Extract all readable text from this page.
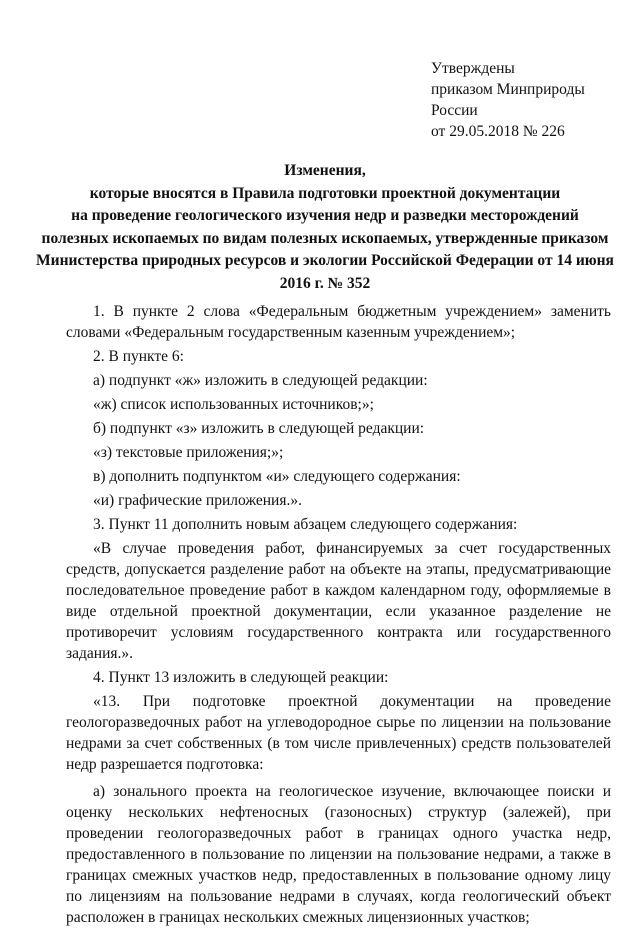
Утверждены
приказом Минприроды
России
от 29.05.2018 № 226
Изменения,
которые вносятся в Правила подготовки проектной документации
на проведение геологического изучения недр и разведки месторождений
полезных ископаемых по видам полезных ископаемых, утвержденные приказом
Министерства природных ресурсов и экологии Российской Федерации от 14 июня
2016 г. № 352
1. В пункте 2 слова «Федеральным бюджетным учреждением» заменить словами «Федеральным государственным казенным учреждением»;
2. В пункте 6:
а) подпункт «ж» изложить в следующей редакции:
«ж) список использованных источников;»;
б) подпункт «з» изложить в следующей редакции:
«з) текстовые приложения;»;
в) дополнить подпунктом «и» следующего содержания:
«и) графические приложения.».
3. Пункт 11 дополнить новым абзацем следующего содержания:
«В случае проведения работ, финансируемых за счет государственных средств, допускается разделение работ на объекте на этапы, предусматривающие последовательное проведение работ в каждом календарном году, оформляемые в виде отдельной проектной документации, если указанное разделение не противоречит условиям государственного контракта или государственного задания.».
4. Пункт 13 изложить в следующей реакции:
«13. При подготовке проектной документации на проведение геологоразведочных работ на углеводородное сырье по лицензии на пользование недрами за счет собственных (в том числе привлеченных) средств пользователей недр разрешается подготовка:
а) зонального проекта на геологическое изучение, включающее поиски и оценку нескольких нефтеносных (газоносных) структур (залежей), при проведении геологоразведочных работ в границах одного участка недр, предоставленного в пользование по лицензии на пользование недрами, а также в границах смежных участков недр, предоставленных в пользование одному лицу по лицензиям на пользование недрами в случаях, когда геологический объект расположен в границах нескольких смежных лицензионных участков;
